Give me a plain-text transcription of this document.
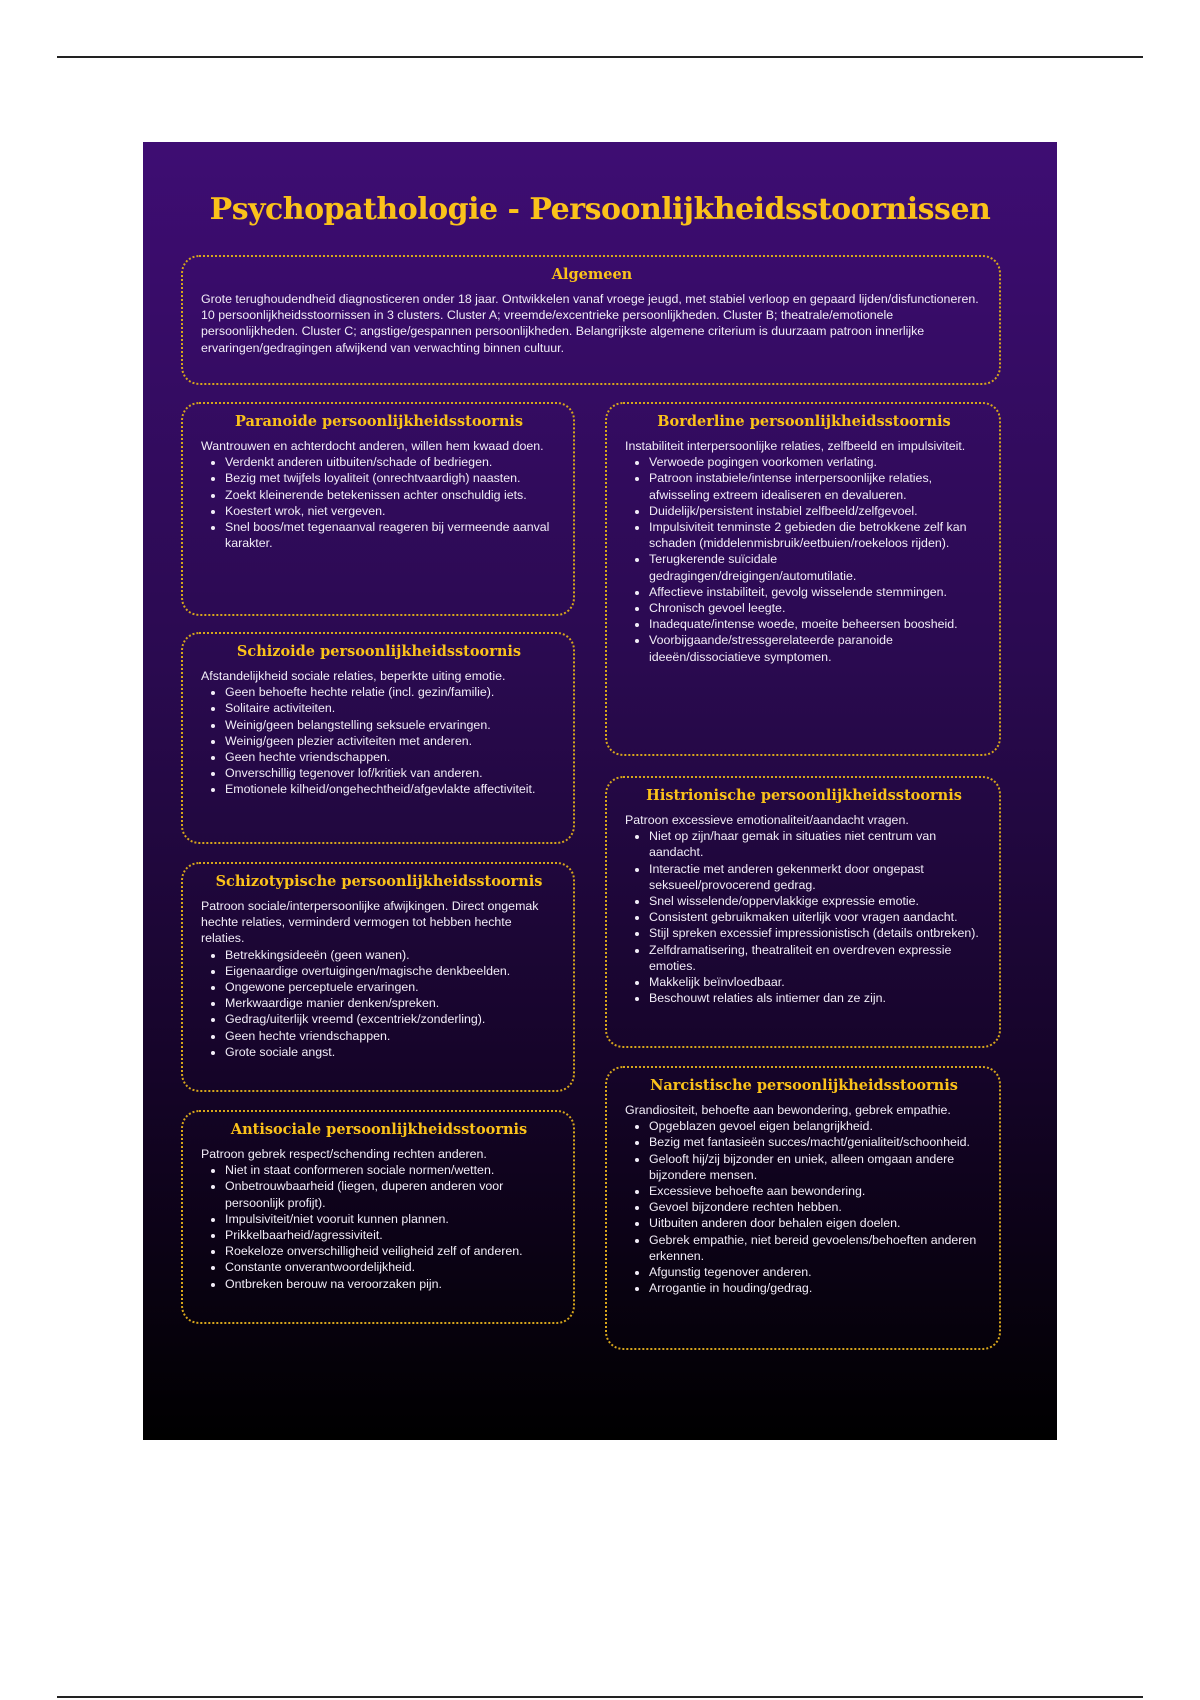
Psychopathologie - Persoonlijkheidsstoornissen
Algemeen

Grote terughoudendheid diagnosticeren onder 18 jaar. Ontwikkelen vanaf vroege jeugd, met stabiel verloop en gepaard lijden/disfunctioneren. 10 persoonlijkheidsstoornissen in 3 clusters. Cluster A; vreemde/excentrieke persoonlijkheden. Cluster B; theatrale/emotionele persoonlijkheden. Cluster C; angstige/gespannen persoonlijkheden. Belangrijkste algemene criterium is duurzaam patroon innerlijke ervaringen/gedragingen afwijkend van verwachting binnen cultuur.

Paranoide persoonlijkheidsstoornis

Wantrouwen en achterdocht anderen, willen hem kwaad doen.

• Verdenkt anderen uitbuiten/schade of bedriegen.
• Bezig met twijfels loyaliteit (onrechtvaardigh) naasten.
• Zoekt kleinerende betekenissen achter onschuldig iets.
• Koestert wrok, niet vergeven.
• Snel boos/met tegenaanval reageren bij vermeende aanval karakter.
Schizoide persoonlijkheidsstoornis

Afstandelijkheid sociale relaties, beperkte uiting emotie.

• Geen behoefte hechte relatie (incl. gezin/familie).
• Solitaire activiteiten.
• Weinig/geen belangstelling seksuele ervaringen.
• Weinig/geen plezier activiteiten met anderen.
• Geen hechte vriendschappen.
• Onverschillig tegenover lof/kritiek van anderen.
• Emotionele kilheid/ongehechtheid/afgevlakte affectiviteit.
Schizotypische persoonlijkheidsstoornis

Patroon sociale/interpersoonlijke afwijkingen. Direct ongemak hechte relaties, verminderd vermogen tot hebben hechte relaties.

• Betrekkingsideeën (geen wanen).
• Eigenaardige overtuigingen/magische denkbeelden.
• Ongewone perceptuele ervaringen.
• Merkwaardige manier denken/spreken.
• Gedrag/uiterlijk vreemd (excentriek/zonderling).
• Geen hechte vriendschappen.
• Grote sociale angst.
Antisociale persoonlijkheidsstoornis

Patroon gebrek respect/schending rechten anderen.

• Niet in staat conformeren sociale normen/wetten.
• Onbetrouwbaarheid (liegen, duperen anderen voor persoonlijk profijt).
• Impulsiviteit/niet vooruit kunnen plannen.
• Prikkelbaarheid/agressiviteit.
• Roekeloze onverschilligheid veiligheid zelf of anderen.
• Constante onverantwoordelijkheid.
• Ontbreken berouw na veroorzaken pijn.
Borderline persoonlijkheidsstoornis

Instabiliteit interpersoonlijke relaties, zelfbeeld en impulsiviteit.

• Verwoede pogingen voorkomen verlating.
• Patroon instabiele/intense interpersoonlijke relaties, afwisseling extreem idealiseren en devalueren.
• Duidelijk/persistent instabiel zelfbeeld/zelfgevoel.
• Impulsiviteit tenminste 2 gebieden die betrokkene zelf kan schaden (middelenmisbruik/eetbuien/roekeloos rijden).
• Terugkerende suïcidale gedragingen/dreigingen/automutilatie.
• Affectieve instabiliteit, gevolg wisselende stemmingen.
• Chronisch gevoel leegte.
• Inadequate/intense woede, moeite beheersen boosheid.
• Voorbijgaande/stressgerelateerde paranoide ideeën/dissociatieve symptomen.
Histrionische persoonlijkheidsstoornis

Patroon excessieve emotionaliteit/aandacht vragen.

• Niet op zijn/haar gemak in situaties niet centrum van aandacht.
• Interactie met anderen gekenmerkt door ongepast seksueel/provocerend gedrag.
• Snel wisselende/oppervlakkige expressie emotie.
• Consistent gebruikmaken uiterlijk voor vragen aandacht.
• Stijl spreken excessief impressionistisch (details ontbreken).
• Zelfdramatisering, theatraliteit en overdreven expressie emoties.
• Makkelijk beïnvloedbaar.
• Beschouwt relaties als intiemer dan ze zijn.
Narcistische persoonlijkheidsstoornis

Grandiositeit, behoefte aan bewondering, gebrek empathie.

• Opgeblazen gevoel eigen belangrijkheid.
• Bezig met fantasieën succes/macht/genialiteit/schoonheid.
• Gelooft hij/zij bijzonder en uniek, alleen omgaan andere bijzondere mensen.
• Excessieve behoefte aan bewondering.
• Gevoel bijzondere rechten hebben.
• Uitbuiten anderen door behalen eigen doelen.
• Gebrek empathie, niet bereid gevoelens/behoeften anderen erkennen.
• Afgunstig tegenover anderen.
• Arrogantie in houding/gedrag.
